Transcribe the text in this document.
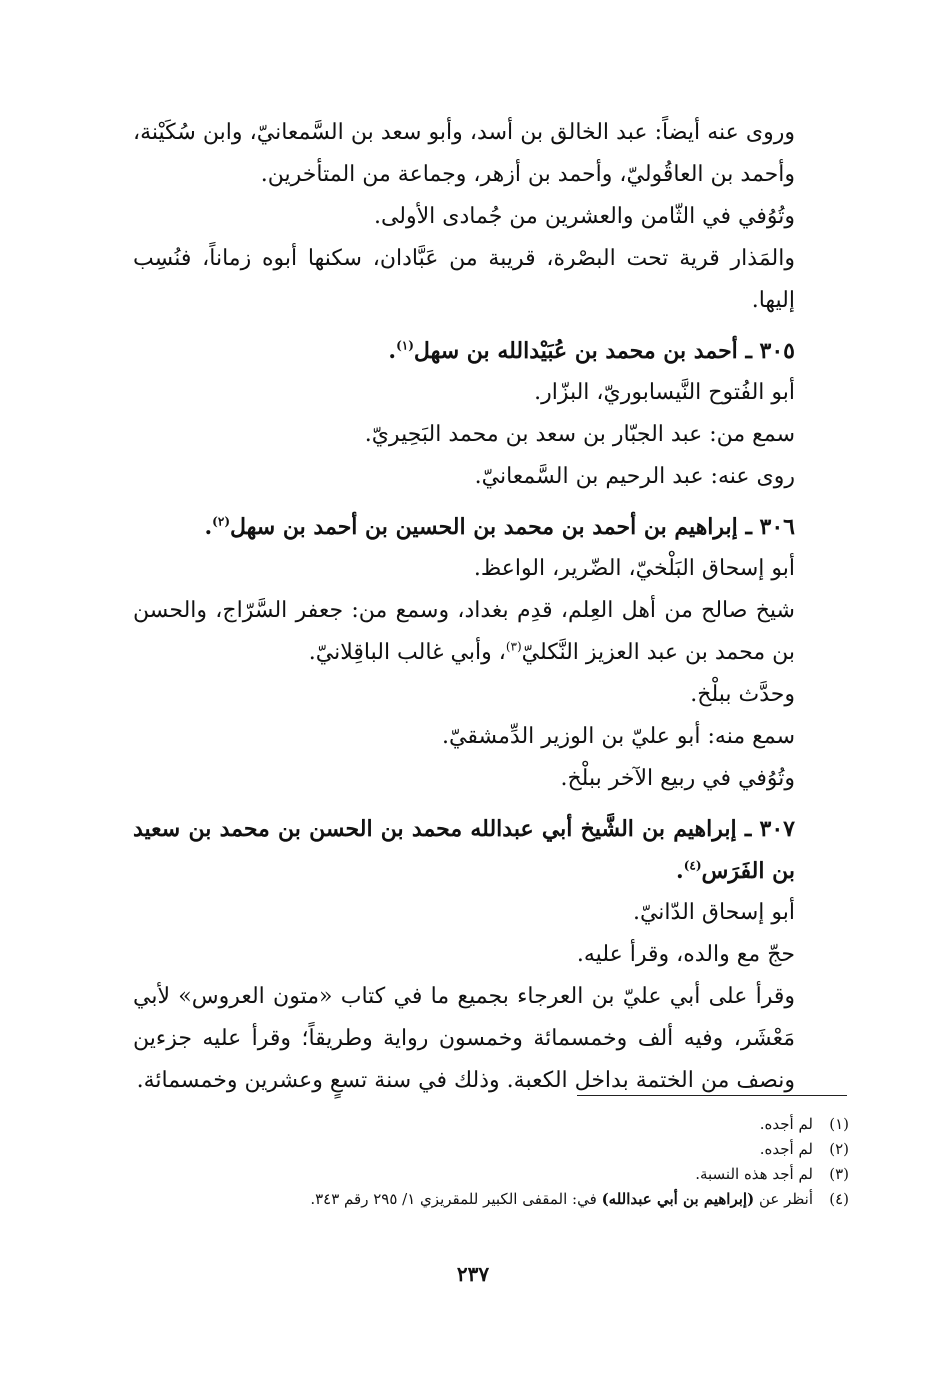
وروى عنه أيضاً: عبد الخالق بن أسد، وأبو سعد بن السَّمعانيّ، وابن سُكَيْنة، وأحمد بن العاقُوليّ، وأحمد بن أزهر، وجماعة من المتأخرين.

وتُوُفي في الثّامن والعشرين من جُمادى الأولى.

والمَذار قرية تحت البصْرة، قريبة من عَبَّادان، سكنها أبوه زماناً، فنُسِب إليها.

٣٠٥ ـ أحمد بن محمد بن عُبَيْدالله بن سهل$^{(١)}$.

أبو الفُتوح النَّيسابوريّ، البزّار.

سمع من: عبد الجبّار بن سعد بن محمد البَحِيريّ.

روى عنه: عبد الرحيم بن السَّمعانيّ.

٣٠٦ ـ إبراهيم بن أحمد بن محمد بن الحسين بن أحمد بن سهل$^{(٢)}$.

أبو إسحاق البَلْخيّ، الضّرير، الواعظ.

شيخ صالح من أهل العِلم، قدِم بغداد، وسمع من: جعفر السَّرّاج، والحسن بن محمد بن عبد العزيز النَّكليّ$^{(٣)}$، وأبي غالب الباقِلانيّ.

وحدَّث ببلْخ.

سمع منه: أبو عليّ بن الوزير الدِّمشقيّ.

وتُوُفي في ربيع الآخر ببلْخ.

٣٠٧ ـ إبراهيم بن الشَّيخ أبي عبدالله محمد بن الحسن بن محمد بن سعيد بن الفَرَس$^{(٤)}$.

أبو إسحاق الدّانيّ.

حجّ مع والده، وقرأ عليه.

وقرأ على أبي عليّ بن العرجاء بجميع ما في كتاب «متون العروس» لأبي مَعْشَر، وفيه ألف وخمسمائة وخمسون رواية وطريقاً؛ وقرأ عليه جزءين ونصف من الختمة بداخل الكعبة. وذلك في سنة تسعٍ وعشرين وخمسمائة.

(١)
لم أجده.
(٢)
لم أجده.
(٣)
لم أجد هذه النسبة.
(٤)
أنظر عن (إبراهيم بن أبي عبدالله) في: المقفى الكبير للمقريزي ١/ ٢٩٥ رقم ٣٤٣.
٢٣٧
